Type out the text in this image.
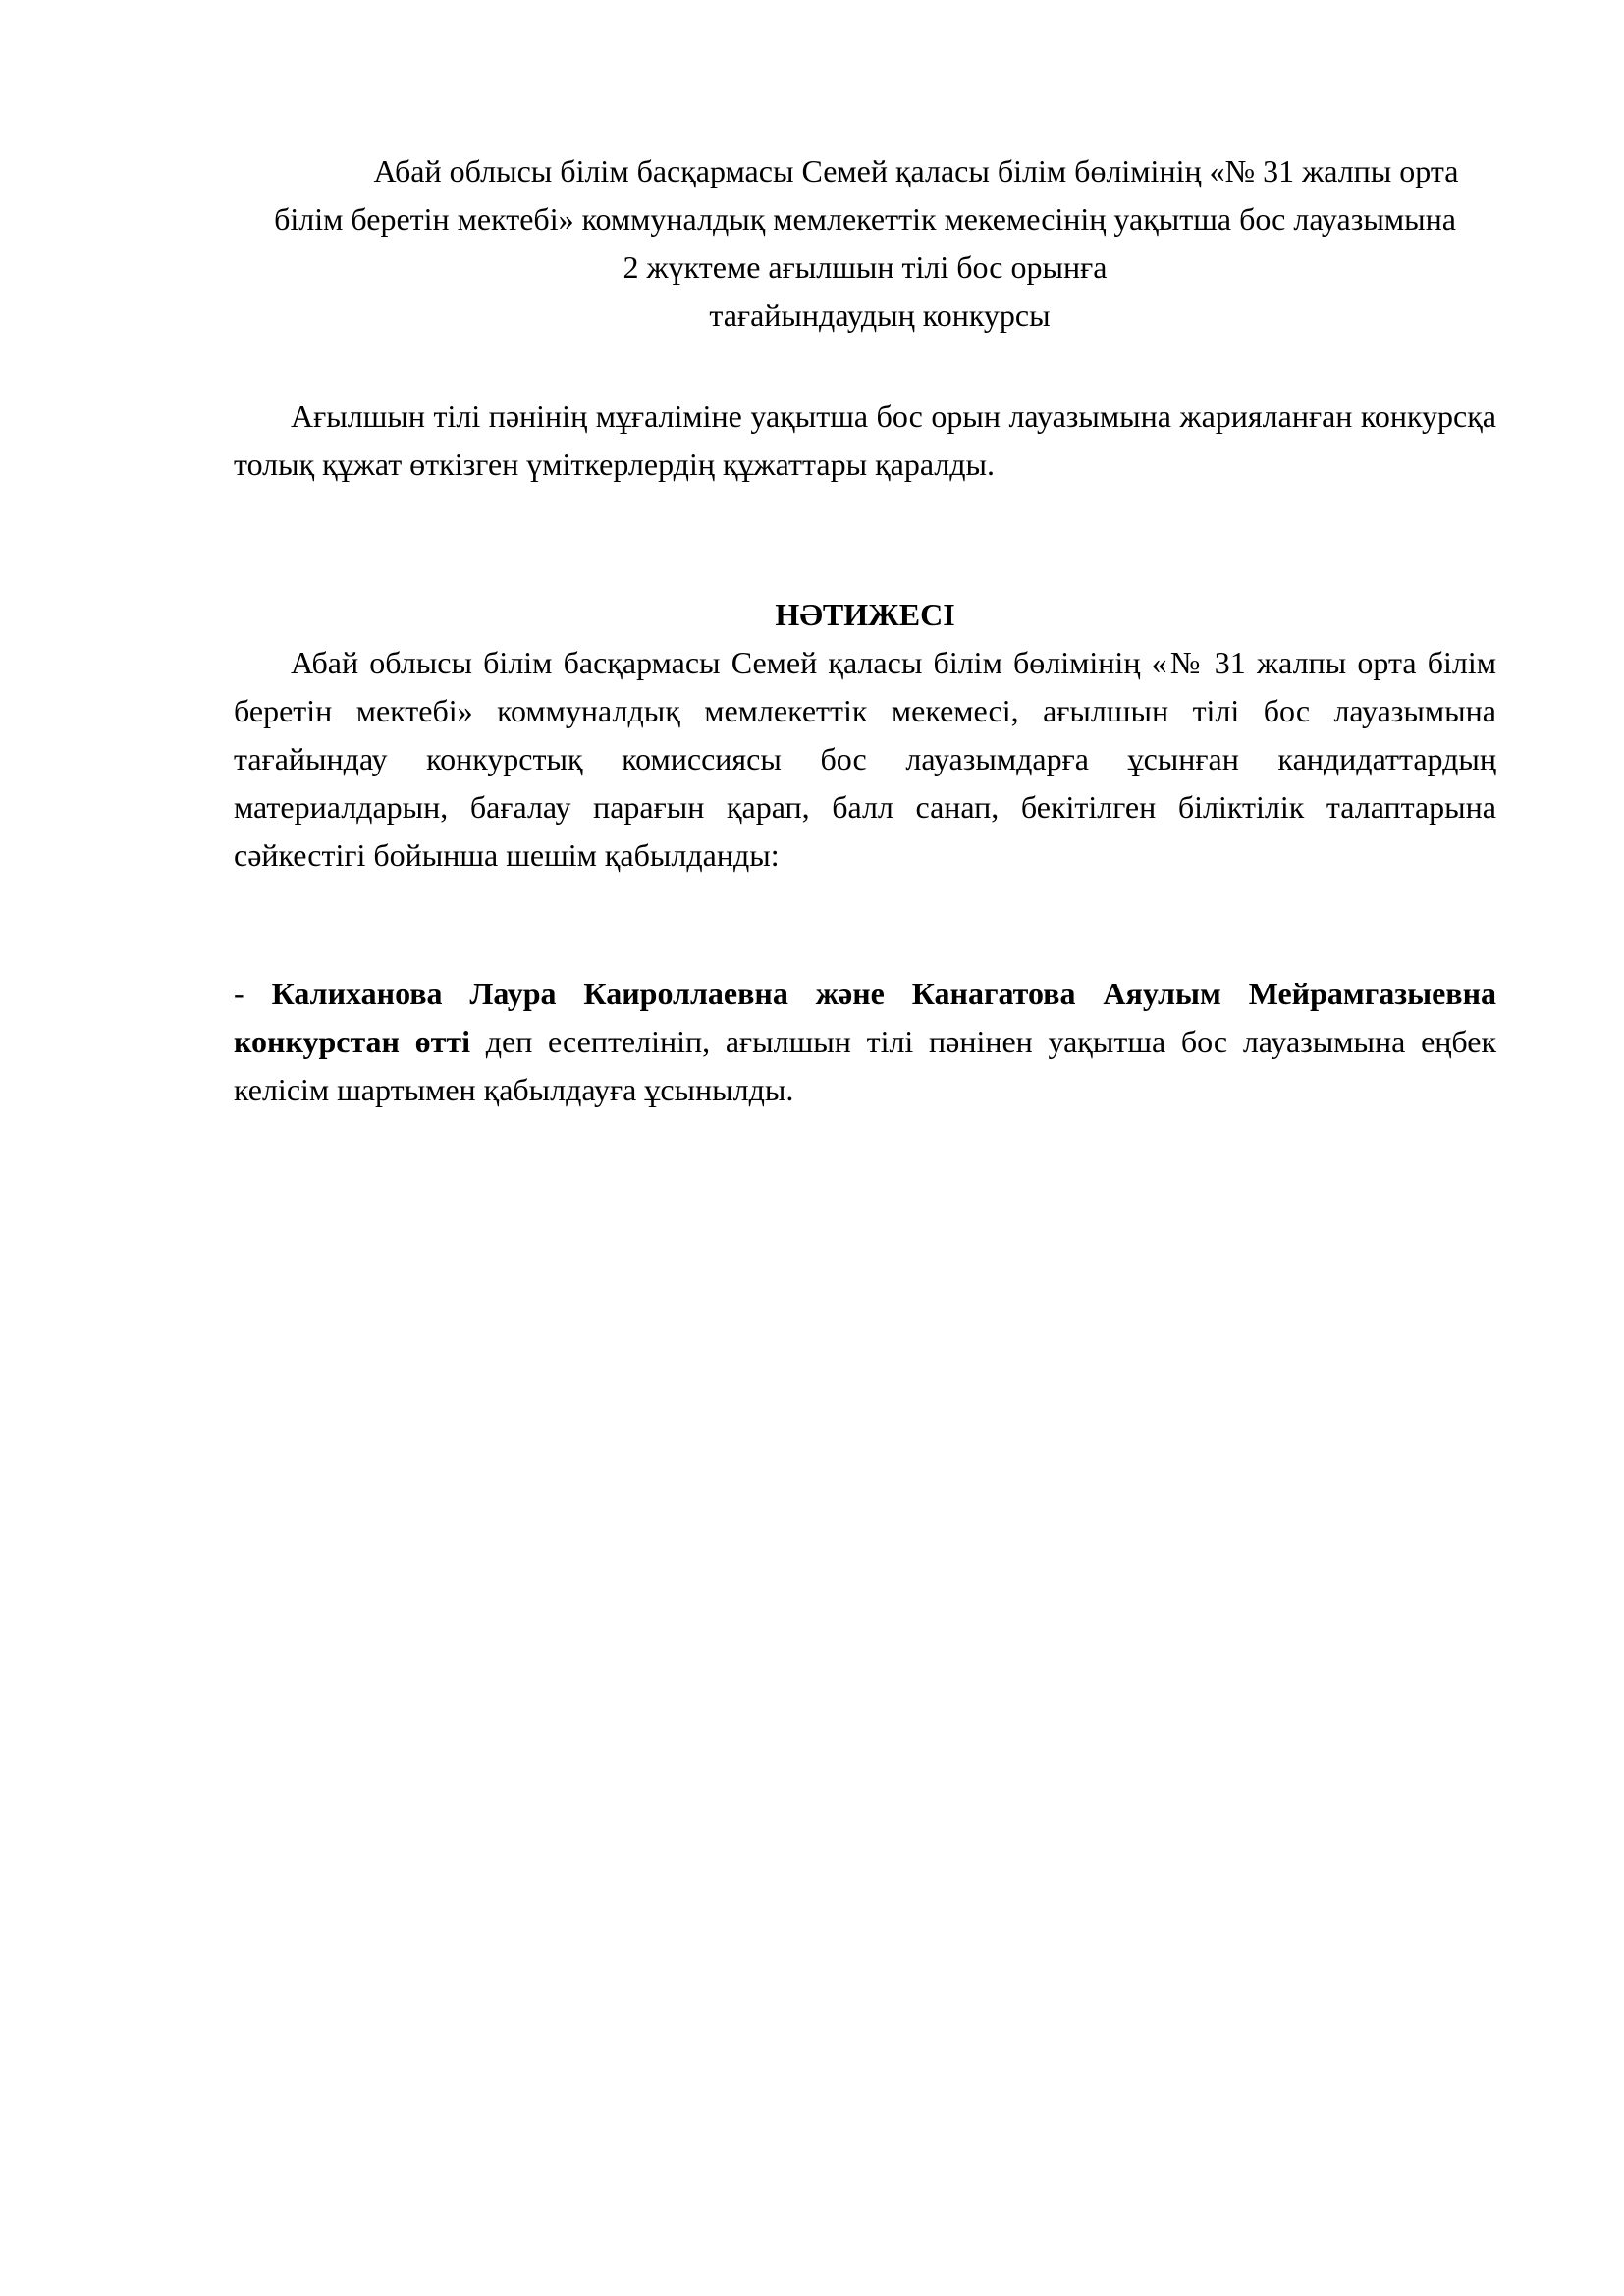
Абай облысы білім басқармасы Семей қаласы білім бөлімінің «№ 31 жалпы орта
білім беретін мектебі» коммуналдық мемлекеттік мекемесінің уақытша бос лауазымына
2 жүктеме ағылшын тілі бос орынға
тағайындаудың конкурсы

Ағылшын тілі пәнінің мұғаліміне уақытша бос орын лауазымына жарияланған конкурсқа толық құжат өткізген үміткерлердің құжаттары қаралды.

НӘТИЖЕСІ

Абай облысы білім басқармасы Семей қаласы білім бөлімінің «№ 31 жалпы орта білім беретін мектебі» коммуналдық мемлекеттік мекемесі, ағылшын тілі бос лауазымына тағайындау конкурстық комиссиясы бос лауазымдарға ұсынған кандидаттардың материалдарын, бағалау парағын қарап, балл санап, бекітілген біліктілік талаптарына сәйкестігі бойынша шешім қабылданды:

- Калиханова Лаура Каироллаевна және Канагатова Аяулым Мейрамгазыевна конкурстан өтті деп есептелініп, ағылшын тілі пәнінен уақытша бос лауазымына еңбек келісім шартымен қабылдауға ұсынылды.
